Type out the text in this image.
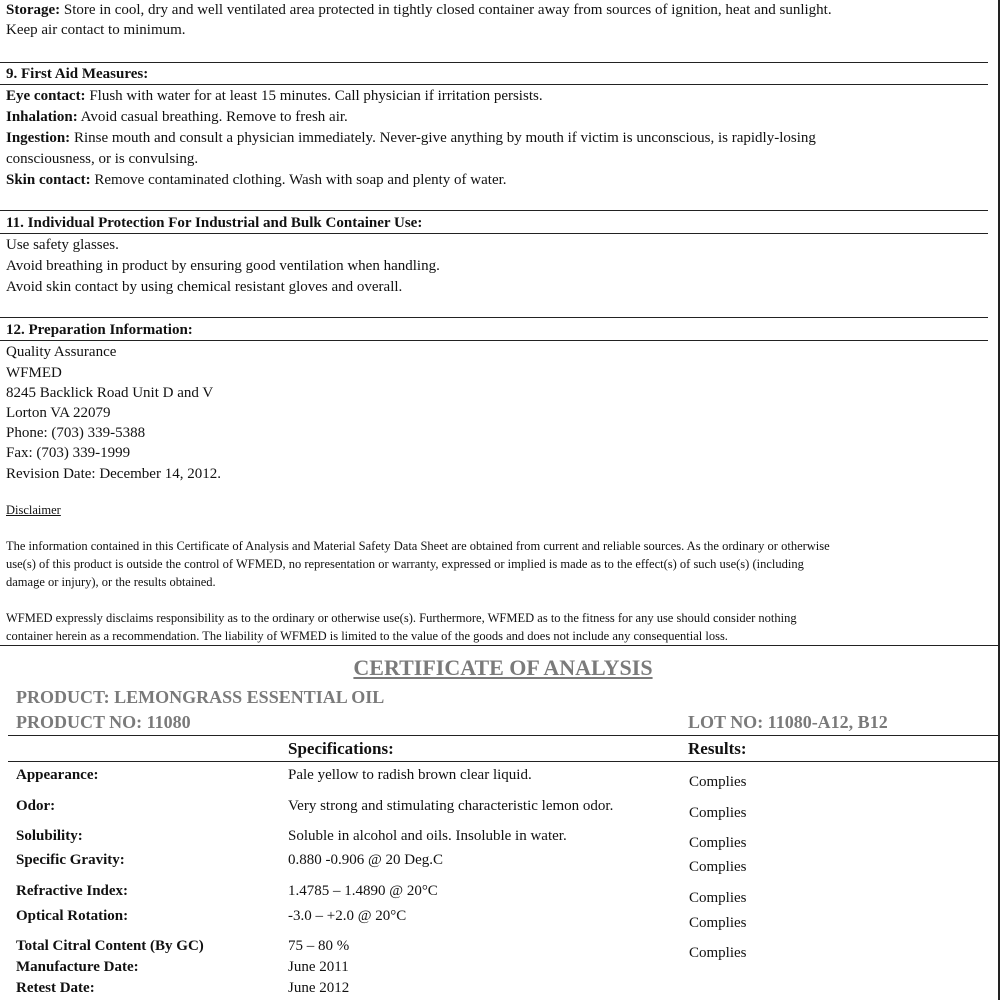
Storage: Store in cool, dry and well ventilated area protected in tightly closed container away from sources of ignition, heat and sunlight.
Keep air contact to minimum.
9. First Aid Measures:
Eye contact: Flush with water for at least 15 minutes. Call physician if irritation persists.
Inhalation: Avoid casual breathing. Remove to fresh air.
Ingestion: Rinse mouth and consult a physician immediately. Never-give anything by mouth if victim is unconscious, is rapidly-losing
consciousness, or is convulsing.
Skin contact: Remove contaminated clothing. Wash with soap and plenty of water.
11. Individual Protection For Industrial and Bulk Container Use:
Use safety glasses.
Avoid breathing in product by ensuring good ventilation when handling.
Avoid skin contact by using chemical resistant gloves and overall.
12. Preparation Information:
Quality Assurance
WFMED
8245 Backlick Road Unit D and V
Lorton VA 22079
Phone: (703) 339-5388
Fax: (703) 339-1999
Revision Date: December 14, 2012.
Disclaimer
The information contained in this Certificate of Analysis and Material Safety Data Sheet are obtained from current and reliable sources. As the ordinary or otherwise
use(s) of this product is outside the control of WFMED, no representation or warranty, expressed or implied is made as to the effect(s) of such use(s) (including
damage or injury), or the results obtained.
WFMED expressly disclaims responsibility as to the ordinary or otherwise use(s). Furthermore, WFMED as to the fitness for any use should consider nothing
container herein as a recommendation. The liability of WFMED is limited to the value of the goods and does not include any consequential loss.
CERTIFICATE OF ANALYSIS
PRODUCT: LEMONGRASS ESSENTIAL OIL
PRODUCT NO: 11080	LOT NO: 11080-A12, B12
Specifications:	Results:
Appearance:	Pale yellow to radish brown clear liquid.	Complies
Odor:	Very strong and stimulating characteristic lemon odor.	Complies
Solubility:	Soluble in alcohol and oils. Insoluble in water.	Complies
Specific Gravity:	0.880 -0.906 @ 20 Deg.C	Complies
Refractive Index:	1.4785 – 1.4890 @ 20°C	Complies
Optical Rotation:	-3.0 – +2.0 @ 20°C	Complies
Total Citral Content (By GC)	75 – 80 %	Complies
Manufacture Date:	June 2011
Retest Date:	June 2012
